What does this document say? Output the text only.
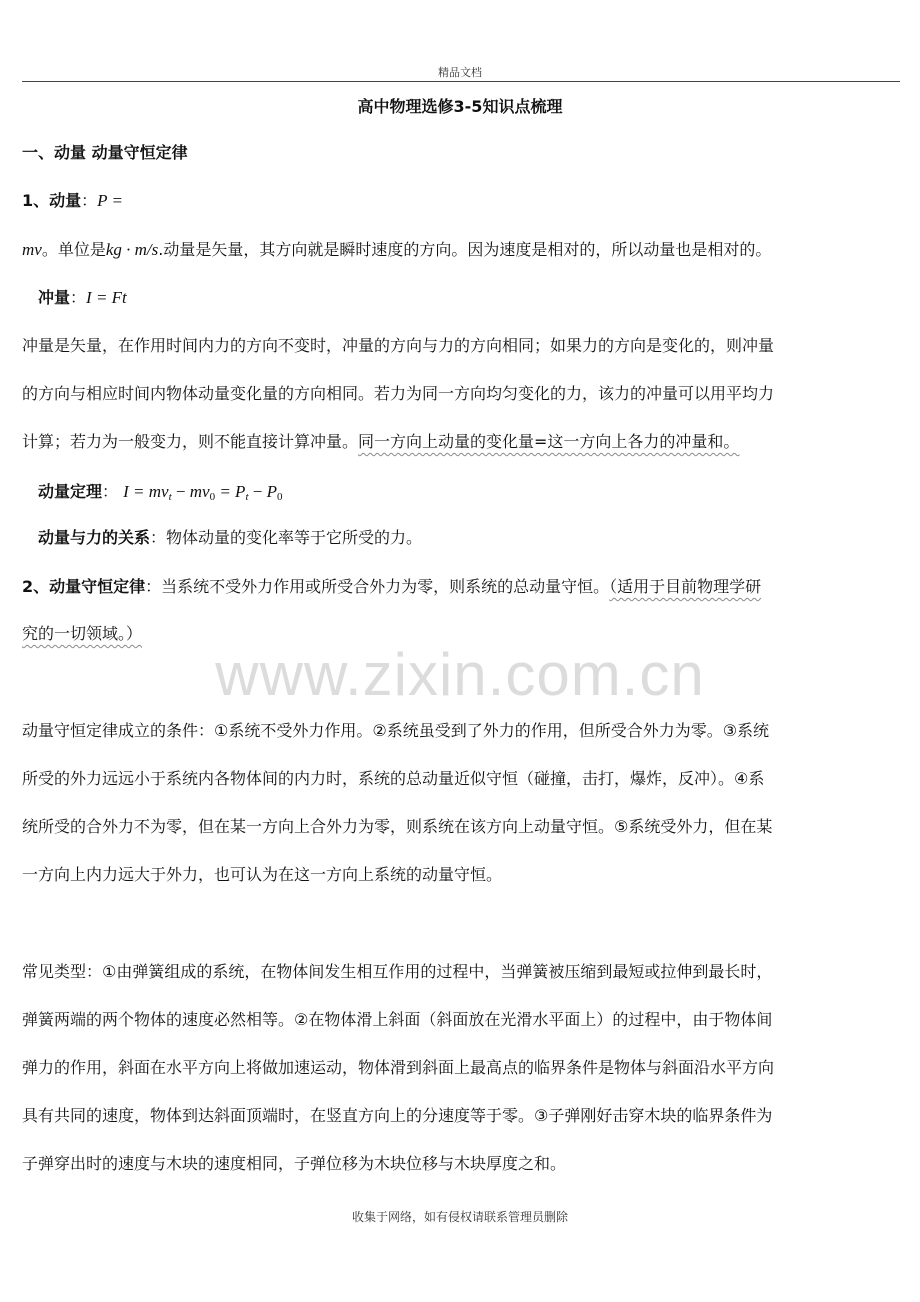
精品文档
高中物理选修3-5知识点梳理
一、动量 动量守恒定律
1、动量：P =
mv。单位是kg · m/s.动量是矢量，其方向就是瞬时速度的方向。因为速度是相对的，所以动量也是相对的。
冲量：I = Ft
冲量是矢量，在作用时间内力的方向不变时，冲量的方向与力的方向相同；如果力的方向是变化的，则冲量
的方向与相应时间内物体动量变化量的方向相同。若力为同一方向均匀变化的力，该力的冲量可以用平均力
计算；若力为一般变力，则不能直接计算冲量。同一方向上动量的变化量=这一方向上各力的冲量和。
动量定理： $I = mv_t - mv_0 = P_t - P_0$
动量与力的关系：物体动量的变化率等于它所受的力。
2、动量守恒定律：当系统不受外力作用或所受合外力为零，则系统的总动量守恒。（适用于目前物理学研
究的一切领域。）
www.zixin.com.cn
动量守恒定律成立的条件：①系统不受外力作用。②系统虽受到了外力的作用，但所受合外力为零。③系统
所受的外力远远小于系统内各物体间的内力时，系统的总动量近似守恒（碰撞，击打，爆炸，反冲）。④系
统所受的合外力不为零，但在某一方向上合外力为零，则系统在该方向上动量守恒。⑤系统受外力，但在某
一方向上内力远大于外力，也可认为在这一方向上系统的动量守恒。
常见类型：①由弹簧组成的系统，在物体间发生相互作用的过程中，当弹簧被压缩到最短或拉伸到最长时，
弹簧两端的两个物体的速度必然相等。②在物体滑上斜面（斜面放在光滑水平面上）的过程中，由于物体间
弹力的作用，斜面在水平方向上将做加速运动，物体滑到斜面上最高点的临界条件是物体与斜面沿水平方向
具有共同的速度，物体到达斜面顶端时，在竖直方向上的分速度等于零。③子弹刚好击穿木块的临界条件为
子弹穿出时的速度与木块的速度相同，子弹位移为木块位移与木块厚度之和。
收集于网络，如有侵权请联系管理员删除
